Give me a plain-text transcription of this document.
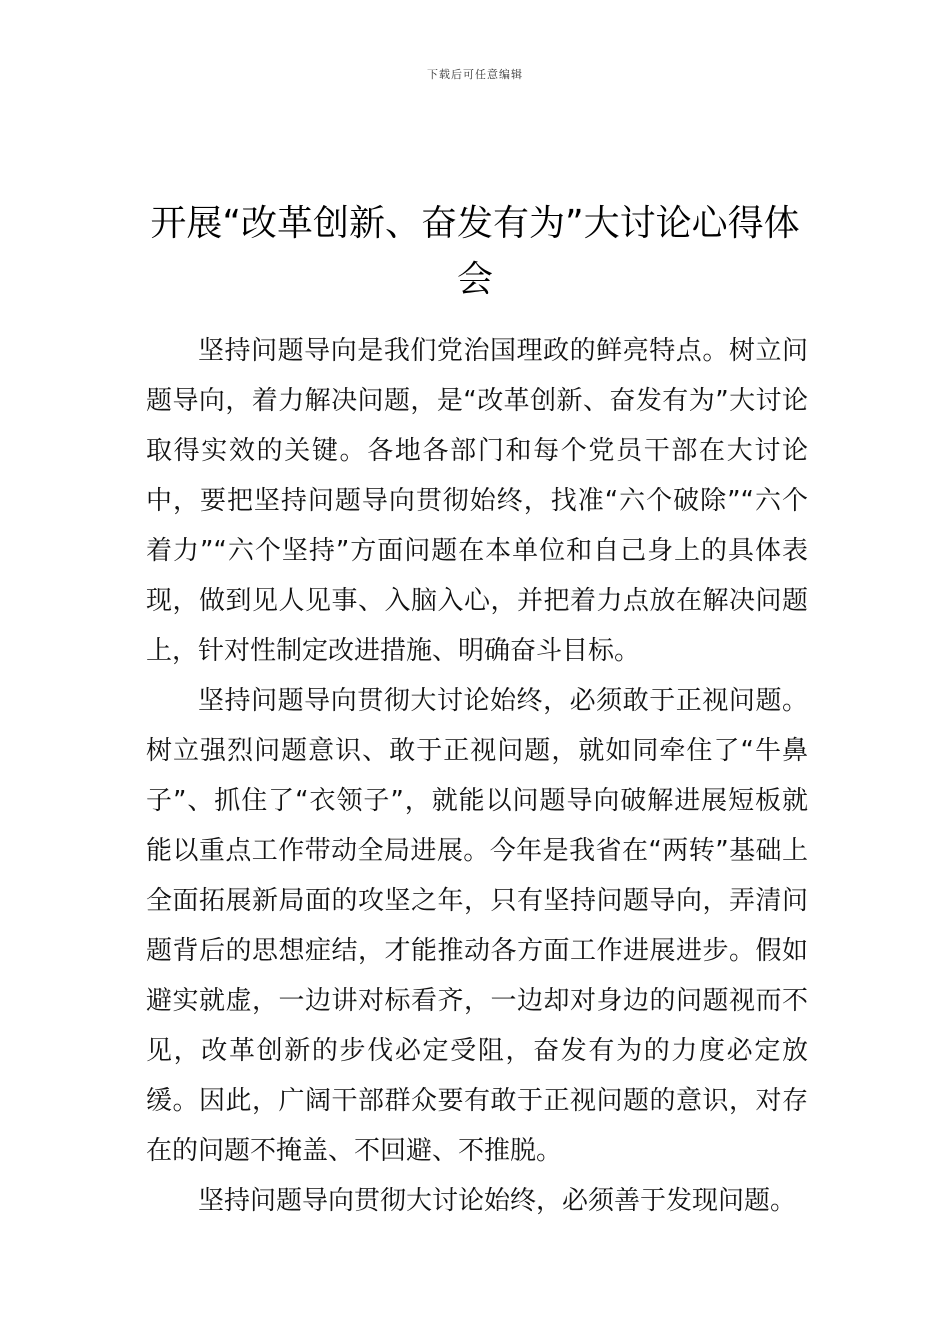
下载后可任意编辑
开展“改革创新、奋发有为”大讨论心得体会

坚持问题导向是我们党治国理政的鲜亮特点。树立问题导向，着力解决问题，是“改革创新、奋发有为”大讨论取得实效的关键。各地各部门和每个党员干部在大讨论中，要把坚持问题导向贯彻始终，找准“六个破除”“六个着力”“六个坚持”方面问题在本单位和自己身上的具体表现，做到见人见事、入脑入心，并把着力点放在解决问题上，针对性制定改进措施、明确奋斗目标。

坚持问题导向贯彻大讨论始终，必须敢于正视问题。树立强烈问题意识、敢于正视问题，就如同牵住了“牛鼻子”、抓住了“衣领子”，就能以问题导向破解进展短板就能以重点工作带动全局进展。今年是我省在“两转”基础上全面拓展新局面的攻坚之年，只有坚持问题导向，弄清问题背后的思想症结，才能推动各方面工作进展进步。假如避实就虚，一边讲对标看齐，一边却对身边的问题视而不见，改革创新的步伐必定受阻，奋发有为的力度必定放缓。因此，广阔干部群众要有敢于正视问题的意识，对存在的问题不掩盖、不回避、不推脱。

坚持问题导向贯彻大讨论始终，必须善于发现问题。
